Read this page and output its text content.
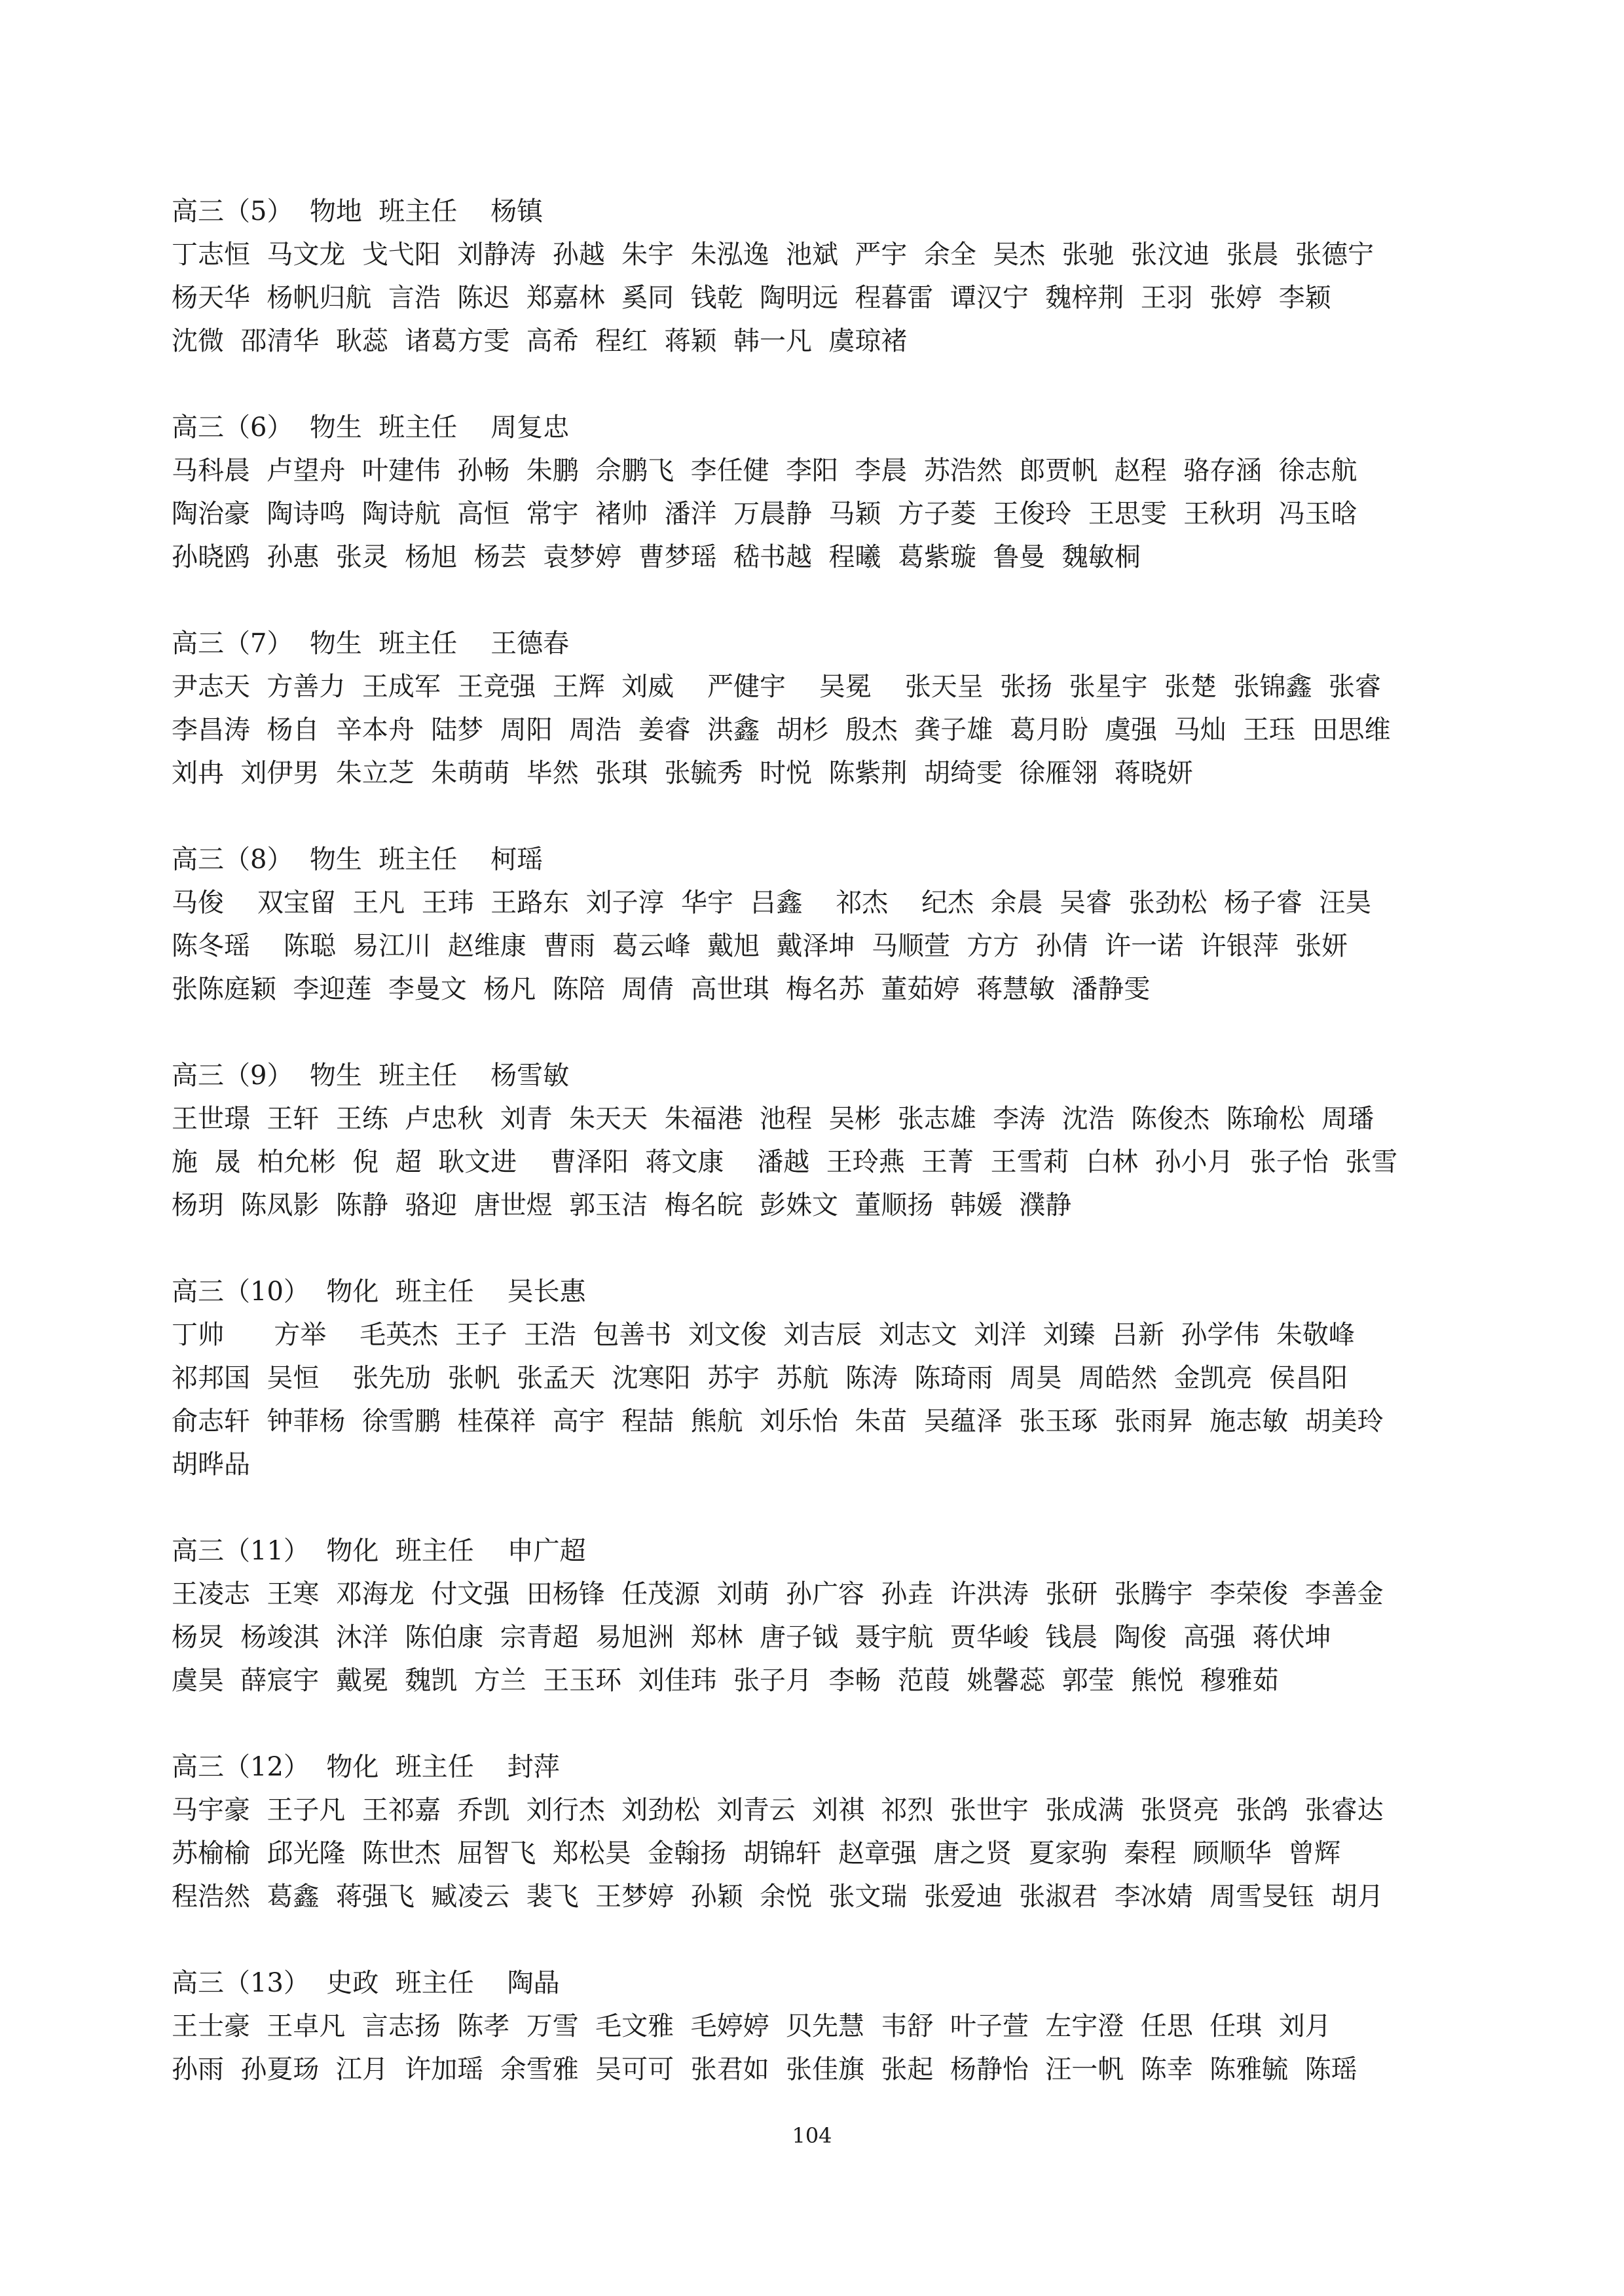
高三（5）  物地  班主任    杨镇
丁志恒  马文龙  戈弋阳  刘静涛  孙越  朱宇  朱泓逸  池斌  严宇  余全  吴杰  张驰  张汶迪  张晨  张德宁
杨天华  杨帆归航  言浩  陈迟  郑嘉林  奚同  钱乾  陶明远  程暮雷  谭汉宁  魏梓荆  王羽  张婷  李颖
沈微  邵清华  耿蕊  诸葛方雯  高希  程红  蒋颖  韩一凡  虞琼褚
高三（6）  物生  班主任    周复忠
马科晨  卢望舟  叶建伟  孙畅  朱鹏  佘鹏飞  李任健  李阳  李晨  苏浩然  郎贾帆  赵程  骆存涵  徐志航
陶治豪  陶诗鸣  陶诗航  高恒  常宇  褚帅  潘洋  万晨静  马颖  方子菱  王俊玲  王思雯  王秋玥  冯玉晗
孙晓鸥  孙惠  张灵  杨旭  杨芸  袁梦婷  曹梦瑶  嵇书越  程曦  葛紫璇  鲁曼  魏敏桐
高三（7）  物生  班主任    王德春
尹志天  方善力  王成军  王竞强  王辉  刘威    严健宇    吴冕    张天呈  张扬  张星宇  张楚  张锦鑫  张睿
李昌涛  杨自  辛本舟  陆梦  周阳  周浩  姜睿  洪鑫  胡杉  殷杰  龚子雄  葛月盼  虞强  马灿  王珏  田思维
刘冉  刘伊男  朱立芝  朱萌萌  毕然  张琪  张毓秀  时悦  陈紫荆  胡绮雯  徐雁翎  蒋晓妍
高三（8）  物生  班主任    柯瑶
马俊    双宝留  王凡  王玮  王路东  刘子淳  华宇  吕鑫    祁杰    纪杰  余晨  吴睿  张劲松  杨子睿  汪昊
陈冬瑶    陈聪  易江川  赵维康  曹雨  葛云峰  戴旭  戴泽坤  马顺萱  方方  孙倩  许一诺  许银萍  张妍
张陈庭颖  李迎莲  李曼文  杨凡  陈陪  周倩  高世琪  梅名苏  董茹婷  蒋慧敏  潘静雯
高三（9）  物生  班主任    杨雪敏
王世璟  王轩  王练  卢忠秋  刘青  朱天天  朱福港  池程  吴彬  张志雄  李涛  沈浩  陈俊杰  陈瑜松  周璠
施  晟  柏允彬  倪  超  耿文进    曹泽阳  蒋文康    潘越  王玲燕  王菁  王雪莉  白林  孙小月  张子怡  张雪
杨玥  陈凤影  陈静  骆迎  唐世煜  郭玉洁  梅名皖  彭姝文  董顺扬  韩媛  濮静
高三（10）  物化  班主任    吴长惠
丁帅      方举    毛英杰  王子  王浩  包善书  刘文俊  刘吉辰  刘志文  刘洋  刘臻  吕新  孙学伟  朱敬峰
祁邦国  吴恒    张先劢  张帆  张孟天  沈寒阳  苏宇  苏航  陈涛  陈琦雨  周昊  周皓然  金凯亮  侯昌阳
俞志轩  钟菲杨  徐雪鹏  桂葆祥  高宇  程喆  熊航  刘乐怡  朱苗  吴蕴泽  张玉琢  张雨昇  施志敏  胡美玲
胡晔品
高三（11）  物化  班主任    申广超
王凌志  王寒  邓海龙  付文强  田杨锋  任茂源  刘萌  孙广容  孙垚  许洪涛  张研  张腾宇  李荣俊  李善金
杨炅  杨竣淇  沐洋  陈伯康  宗青超  易旭洲  郑林  唐子钺  聂宇航  贾华峻  钱晨  陶俊  高强  蒋伏坤
虞昊  薛宸宇  戴冕  魏凯  方兰  王玉环  刘佳玮  张子月  李畅  范葭  姚馨蕊  郭莹  熊悦  穆雅茹
高三（12）  物化  班主任    封萍
马宇豪  王子凡  王祁嘉  乔凯  刘行杰  刘劲松  刘青云  刘祺  祁烈  张世宇  张成满  张贤亮  张鸽  张睿达
苏榆榆  邱光隆  陈世杰  屈智飞  郑松昊  金翰扬  胡锦轩  赵章强  唐之贤  夏家驹  秦程  顾顺华  曾辉
程浩然  葛鑫  蒋强飞  臧凌云  裴飞  王梦婷  孙颖  余悦  张文瑞  张爱迪  张淑君  李冰婧  周雪旻钰  胡月
高三（13）  史政  班主任    陶晶
王士豪  王卓凡  言志扬  陈孝  万雪  毛文雅  毛婷婷  贝先慧  韦舒  叶子萱  左宇澄  任思  任琪  刘月
孙雨  孙夏玚  江月  许加瑶  余雪雅  吴可可  张君如  张佳旗  张起  杨静怡  汪一帆  陈幸  陈雅毓  陈瑶
104
